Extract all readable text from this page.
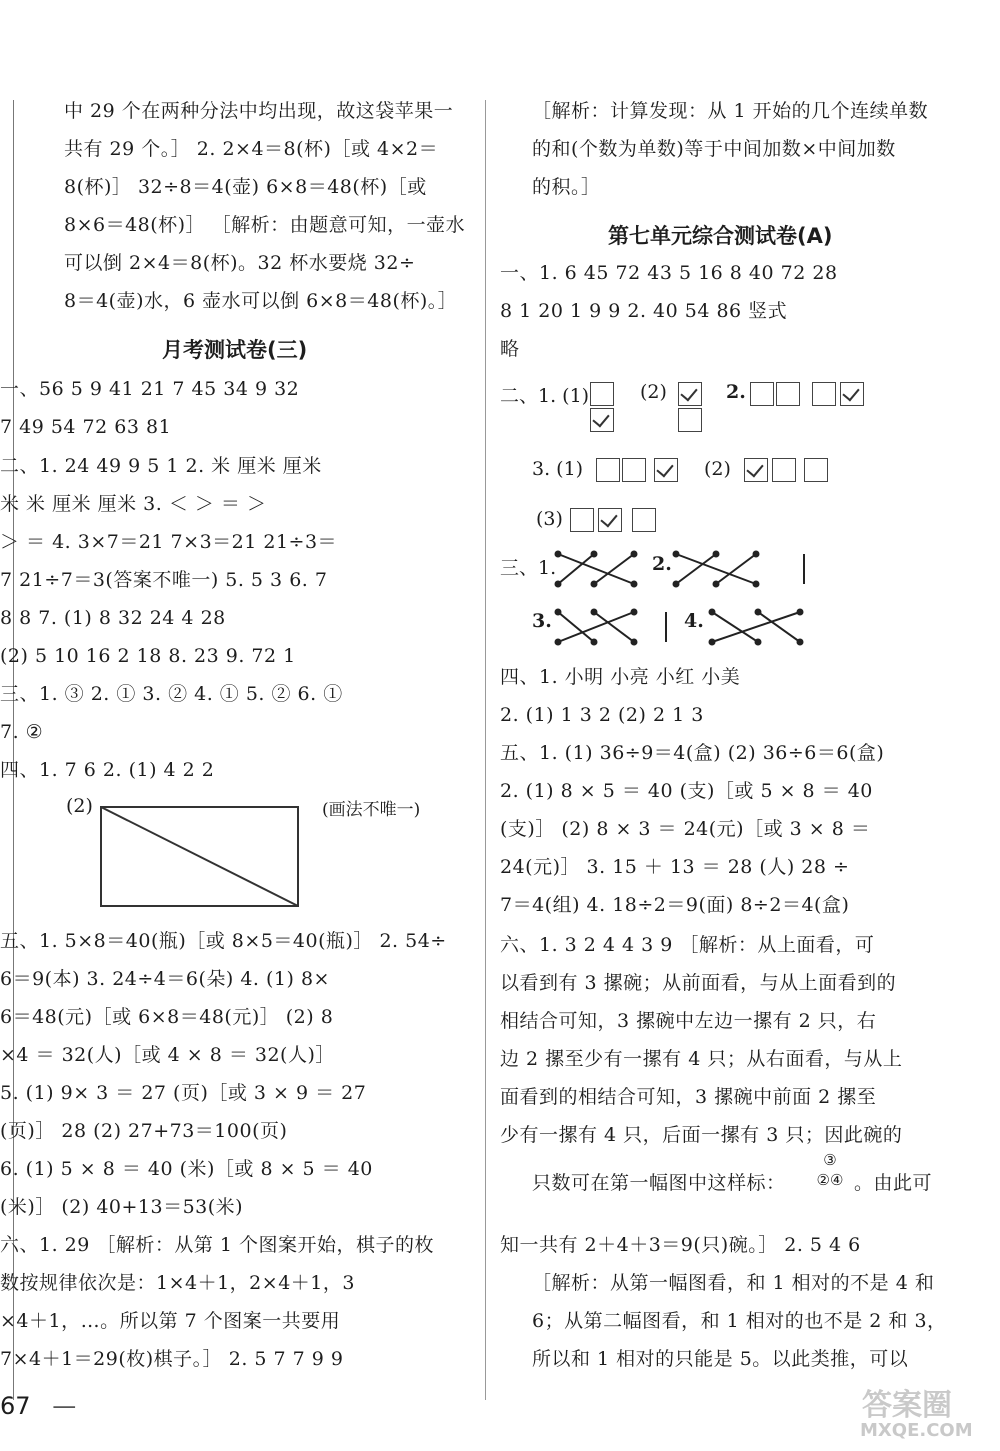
中 29 个在两种分法中均出现，故这袋苹果一
共有 29 个。］ 2. 2×4＝8(杯)［或 4×2＝
8(杯)］ 32÷8＝4(壶) 6×8＝48(杯)［或
8×6＝48(杯)］ ［解析：由题意可知，一壶水
可以倒 2×4＝8(杯)。32 杯水要烧 32÷
8＝4(壶)水，6 壶水可以倒 6×8＝48(杯)。］
月考测试卷(三)
一、56 5 9 41 21 7 45 34 9 32
7 49 54 72 63 81
二、1. 24 49 9 5 1 2. 米 厘米 厘米
米 米 厘米 厘米 3. ＜ ＞ ＝ ＞
＞ ＝ 4. 3×7＝21 7×3＝21 21÷3＝
7 21÷7＝3(答案不唯一) 5. 5 3 6. 7
8 8 7. (1) 8 32 24 4 28
(2) 5 10 16 2 18 8. 23 9. 72 1
三、1. ③ 2. ① 3. ② 4. ① 5. ② 6. ①
7. ②
四、1. 7 6 2. (1) 4 2 2
(2)	(画法不唯一)
五、1. 5×8＝40(瓶)［或 8×5＝40(瓶)］ 2. 54÷
6＝9(本) 3. 24÷4＝6(朵) 4. (1) 8×
6＝48(元)［或 6×8＝48(元)］ (2) 8
×4 ＝ 32(人)［或 4 × 8 ＝ 32(人)］
5. (1) 9× 3 ＝ 27 (页)［或 3 × 9 ＝ 27
(页)］ 28 (2) 27+73＝100(页)
6. (1) 5 × 8 ＝ 40 (米)［或 8 × 5 ＝ 40
(米)］ (2) 40+13＝53(米)
六、1. 29 ［解析：从第 1 个图案开始，棋子的枚
数按规律依次是：1×4＋1，2×4＋1，3
×4＋1，…。所以第 7 个图案一共要用
7×4＋1＝29(枚)棋子。］ 2. 5 7 7 9 9
［解析：计算发现：从 1 开始的几个连续单数
的和(个数为单数)等于中间加数×中间加数
的积。］
第七单元综合测试卷(A)
一、1. 6 45 72 43 5 16 8 40 72 28
8 1 20 1 9 9 2. 40 54 86 竖式
略
二、1. (1)	(2)	2.
3. (1)	(2)
(3)
三、1.	2.
3.	4.
四、1. 小明 小亮 小红 小美
2. (1) 1 3 2 (2) 2 1 3
五、1. (1) 36÷9＝4(盒) (2) 36÷6＝6(盒)
2. (1) 8 × 5 ＝ 40 (支)［或 5 × 8 ＝ 40
(支)］ (2) 8 × 3 ＝ 24(元)［或 3 × 8 ＝
24(元)］ 3. 15 ＋ 13 ＝ 28 (人) 28 ÷
7＝4(组) 4. 18÷2＝9(面) 8÷2＝4(盒)
六、1. 3 2 4 4 3 9 ［解析：从上面看，可
以看到有 3 摞碗；从前面看，与从上面看到的
相结合可知，3 摞碗中左边一摞有 2 只，右
边 2 摞至少有一摞有 4 只；从右面看，与从上
面看到的相结合可知，3 摞碗中前面 2 摞至
少有一摞有 4 只，后面一摞有 3 只；因此碗的
只数可在第一幅图中这样标：
③
②④ 。由此可
知一共有 2＋4＋3＝9(只)碗。］ 2. 5 4 6
［解析：从第一幅图看，和 1 相对的不是 4 和
6；从第二幅图看，和 1 相对的也不是 2 和 3，
所以和 1 相对的只能是 5。以此类推，可以
67 —	答案圈
MXQE.COM
